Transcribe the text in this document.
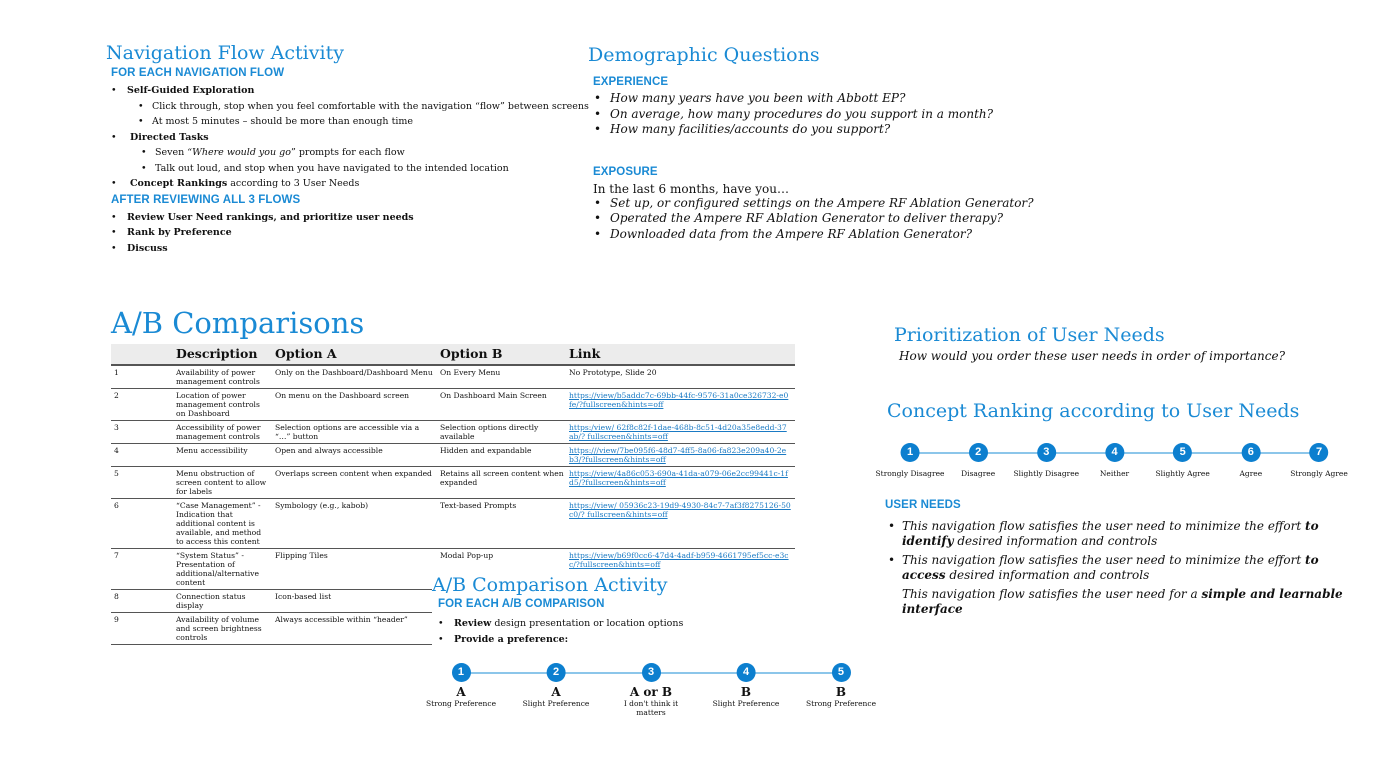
Navigation Flow Activity
FOR EACH NAVIGATION FLOW
• Self-Guided Exploration
• Click through, stop when you feel comfortable with the navigation “flow” between screens
• At most 5 minutes – should be more than enough time
• Directed Tasks
• Seven “Where would you go” prompts for each flow
• Talk out loud, and stop when you have navigated to the intended location
• Concept Rankings according to 3 User Needs
AFTER REVIEWING ALL 3 FLOWS
• Review User Need rankings, and prioritize user needs
• Rank by Preference
• Discuss
Demographic Questions
EXPERIENCE
• How many years have you been with Abbott EP?
• On average, how many procedures do you support in a month?
• How many facilities/accounts do you support?
EXPOSURE
In the last 6 months, have you…
• Set up, or configured settings on the Ampere RF Ablation Generator?
• Operated the Ampere RF Ablation Generator to deliver therapy?
• Downloaded data from the Ampere RF Ablation Generator?
A/B Comparisons
	Description	Option A	Option B	Link
1	Availability of power management controls	Only on the Dashboard/Dashboard Menu	On Every Menu	No Prototype, Slide 20
2	Location of power management controls on Dashboard	On menu on the Dashboard screen	On Dashboard Main Screen	https://view/b5addc7c-69bb-44fc-9576-31a0ce326732-e0fe/?fullscreen&hints=off
3	Accessibility of power management controls	Selection options are accessible via a “…” button	Selection options directly available	https:/view/ 62f8c82f-1dae-468b-8c51-4d20a35e8edd-37ab/? fullscreen&hints=off
4	Menu accessibility	Open and always accessible	Hidden and expandable	https:///view/7be095f6-48d7-4ff5-8a06-fa823e209a40-2eb3/?fullscreen&hints=off
5	Menu obstruction of screen content to allow for labels	Overlaps screen content when expanded	Retains all screen content when expanded	https://view/4a86c053-690a-41da-a079-06e2cc99441c-1fd5/?fullscreen&hints=off
6	“Case Management” - Indication that additional content is available, and method to access this content	Symbology (e.g., kabob)	Text-based Prompts	https://view/ 05936c23-19d9-4930-84c7-7af3f8275126-50c0/? fullscreen&hints=off
7	“System Status” - Presentation of additional/alternative content	Flipping Tiles	Modal Pop-up	https://view/b69f0cc6-47d4-4adf-b959-4661795ef5cc-e3cc/?fullscreen&hints=off
8	Connection status display	Icon-based list		
9	Availability of volume and screen brightness controls	Always accessible within “header”		
A/B Comparison Activity
FOR EACH A/B COMPARISON
• Review design presentation or location options
• Provide a preference:
1
A
Strong Preference
2
A
Slight Preference
3
A or B
I don't think it matters
4
B
Slight Preference
5
B
Strong Preference
Prioritization of User Needs
How would you order these user needs in order of importance?
Concept Ranking according to User Needs
1
Strongly Disagree
2
Disagree
3
Slightly Disagree
4
Neither
5
Slightly Agree
6
Agree
7
Strongly Agree
USER NEEDS
• This navigation flow satisfies the user need to minimize the effort to identify desired information and controls
• This navigation flow satisfies the user need to minimize the effort to access desired information and controls
This navigation flow satisfies the user need for a simple and learnable interface
